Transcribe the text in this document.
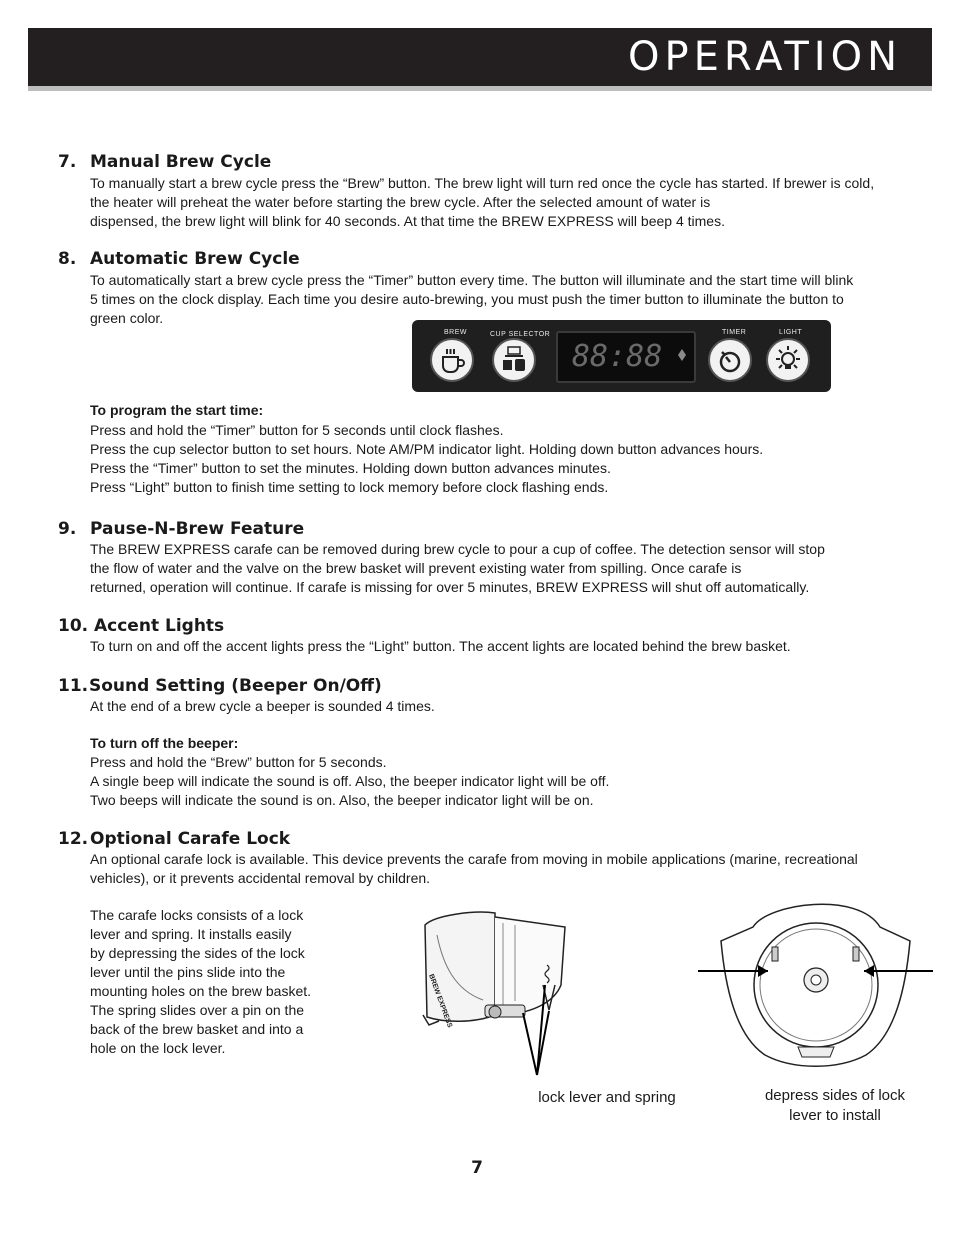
OPERATION
7. Manual Brew Cycle
To manually start a brew cycle press the “Brew” button. The brew light will turn red once the cycle has started. If brewer is cold,
the heater will preheat the water before starting the brew cycle. After the selected amount of water is
dispensed, the brew light will blink for 40 seconds. At that time the BREW EXPRESS will beep 4 times.
8. Automatic Brew Cycle
To automatically start a brew cycle press the “Timer” button every time. The button will illuminate and the start time will blink
5 times on the clock display. Each time you desire auto-brewing, you must push the timer button to illuminate the button to
green color.
BREW	CUP SELECTOR	TIMER	LIGHT
88:88
To program the start time:
Press and hold the “Timer” button for 5 seconds until clock flashes.
Press the cup selector button to set hours. Note AM/PM indicator light. Holding down button advances hours.
Press the “Timer” button to set the minutes. Holding down button advances minutes.
Press “Light” button to finish time setting to lock memory before clock flashing ends.
9. Pause-N-Brew Feature
The BREW EXPRESS carafe can be removed during brew cycle to pour a cup of coffee. The detection sensor will stop
the flow of water and the valve on the brew basket will prevent existing water from spilling. Once carafe is
returned, operation will continue. If carafe is missing for over 5 minutes, BREW EXPRESS will shut off automatically.
10. Accent Lights
To turn on and off the accent lights press the “Light” button. The accent lights are located behind the brew basket.
11.Sound Setting (Beeper On/Off)
At the end of a brew cycle a beeper is sounded 4 times.
To turn off the beeper:
Press and hold the “Brew” button for 5 seconds.
A single beep will indicate the sound is off. Also, the beeper indicator light will be off.
Two beeps will indicate the sound is on. Also, the beeper indicator light will be on.
12. Optional Carafe Lock
An optional carafe lock is available. This device prevents the carafe from moving in mobile applications (marine, recreational
vehicles), or it prevents accidental removal by children.
The carafe locks consists of a lock
lever and spring. It installs easily
by depressing the sides of the lock
lever until the pins slide into the
mounting holes on the brew basket.
The spring slides over a pin on the
back of the brew basket and into a
hole on the lock lever.
BREW EXPRESS
lock lever and spring	depress sides of lock
lever to install
7
